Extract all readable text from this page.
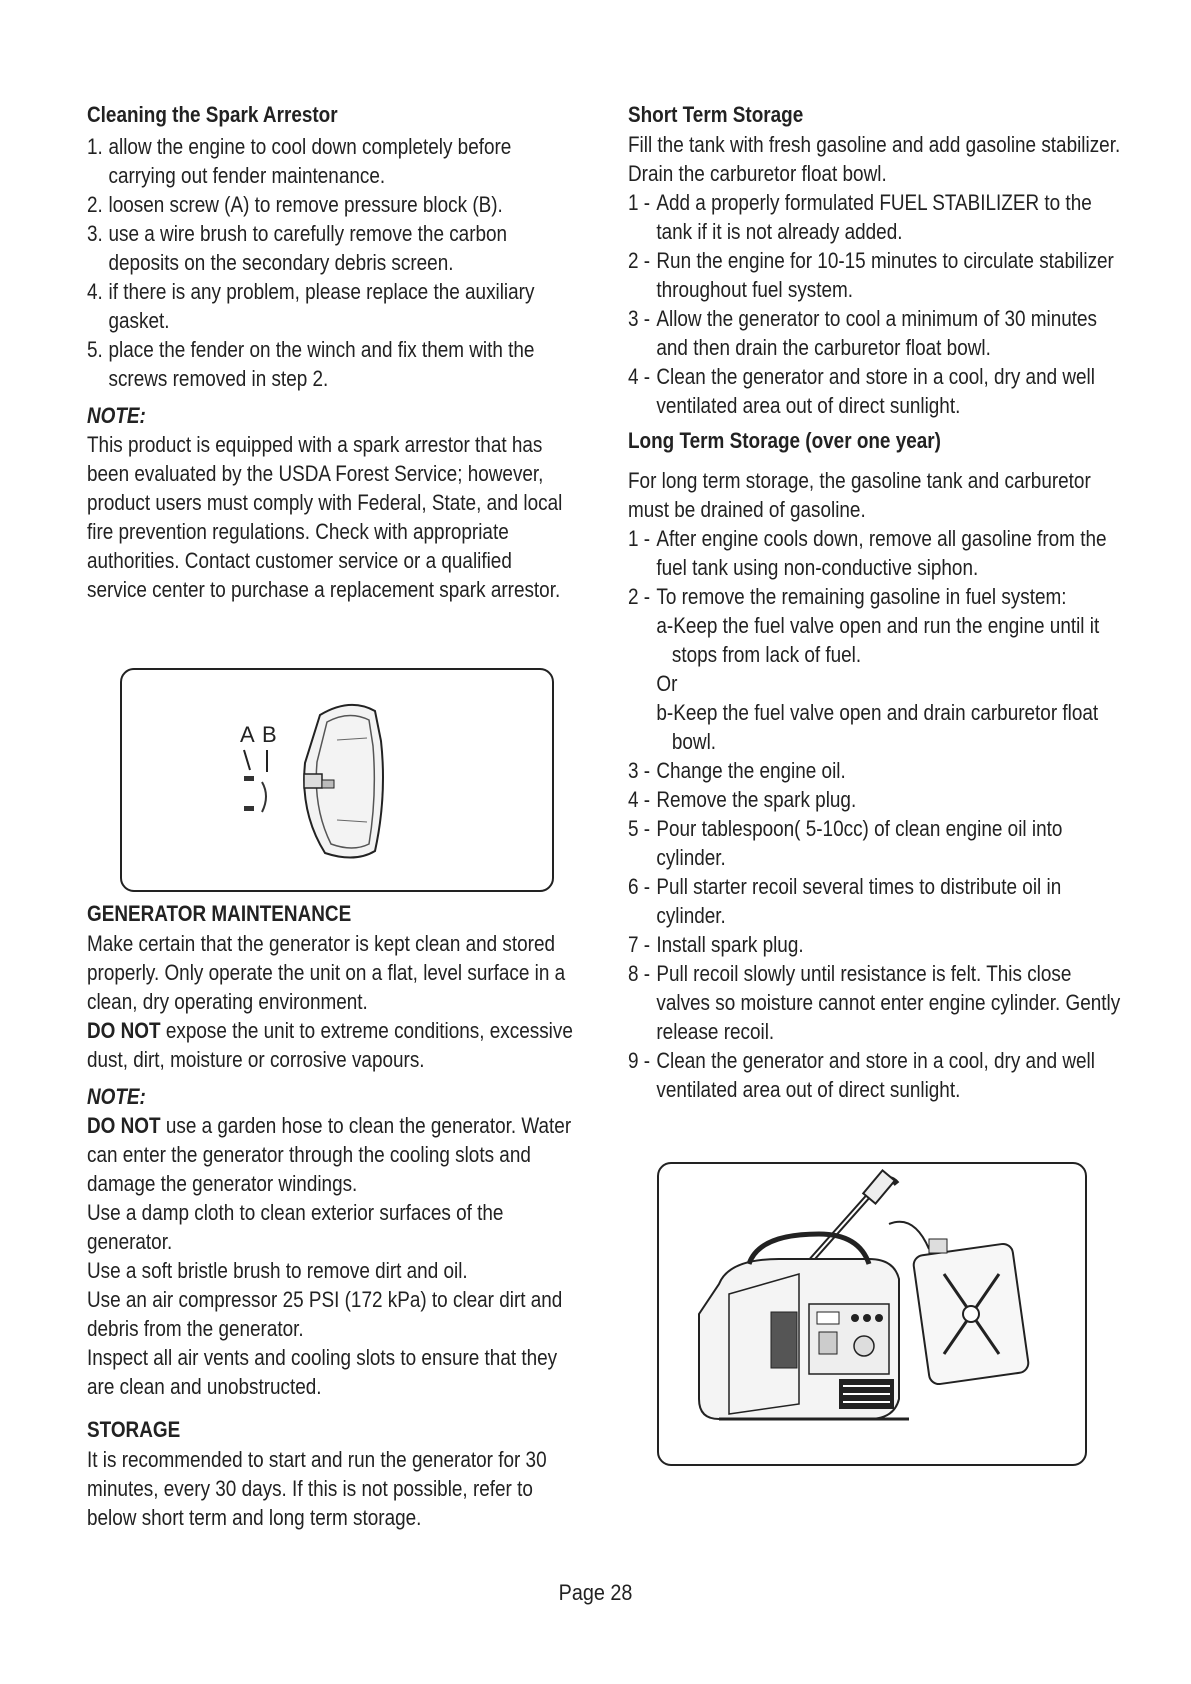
Cleaning the Spark Arrestor
1. allow the engine to cool down completely before carrying out fender maintenance.
2. loosen screw (A) to remove pressure block (B).
3. use a wire brush to carefully remove the carbon deposits on the secondary debris screen.
4. if there is any problem, please replace the auxiliary gasket.
5. place the fender on the winch and fix them with the screws removed in step 2.
NOTE:

This product is equipped with a spark arrestor that has been evaluated by the USDA Forest Service; however, product users must comply with Federal, State, and local fire prevention regulations. Check with appropriate authorities. Contact customer service or a qualified service center to purchase a replacement spark arrestor.

A B
GENERATOR MAINTENANCE

Make certain that the generator is kept clean and stored properly. Only operate the unit on a flat, level surface in a clean, dry operating environment.

DO NOT expose the unit to extreme conditions, excessive dust, dirt, moisture or corrosive vapours.

NOTE:

DO NOT use a garden hose to clean the generator. Water can enter the generator through the cooling slots and damage the generator windings.

Use a damp cloth to clean exterior surfaces of the generator.

Use a soft bristle brush to remove dirt and oil.

Use an air compressor 25 PSI (172 kPa) to clear dirt and debris from the generator.

Inspect all air vents and cooling slots to ensure that they are clean and unobstructed.

STORAGE

It is recommended to start and run the generator for 30 minutes, every 30 days. If this is not possible, refer to below short term and long term storage.

Short Term Storage

Fill the tank with fresh gasoline and add gasoline stabilizer. Drain the carburetor float bowl.

1 - Add a properly formulated FUEL STABILIZER to the tank if it is not already added.
2 - Run the engine for 10-15 minutes to circulate stabilizer throughout fuel system.
3 - Allow the generator to cool a minimum of 30 minutes and then drain the carburetor float bowl.
4 - Clean the generator and store in a cool, dry and well ventilated area out of direct sunlight.
Long Term Storage (over one year)

For long term storage, the gasoline tank and carburetor must be drained of gasoline.

1 - After engine cools down, remove all gasoline from the fuel tank using non-conductive siphon.
2 - To remove the remaining gasoline in fuel system:
a-Keep the fuel valve open and run the engine until it stops from lack of fuel.
Or
b-Keep the fuel valve open and drain carburetor float bowl.
3 - Change the engine oil.
4 - Remove the spark plug.
5 - Pour tablespoon( 5-10cc) of clean engine oil into cylinder.
6 - Pull starter recoil several times to distribute oil in cylinder.
7 - Install spark plug.
8 - Pull recoil slowly until resistance is felt. This close valves so moisture cannot enter engine cylinder. Gently release recoil.
9 - Clean the generator and store in a cool, dry and well ventilated area out of direct sunlight.
Page 28
